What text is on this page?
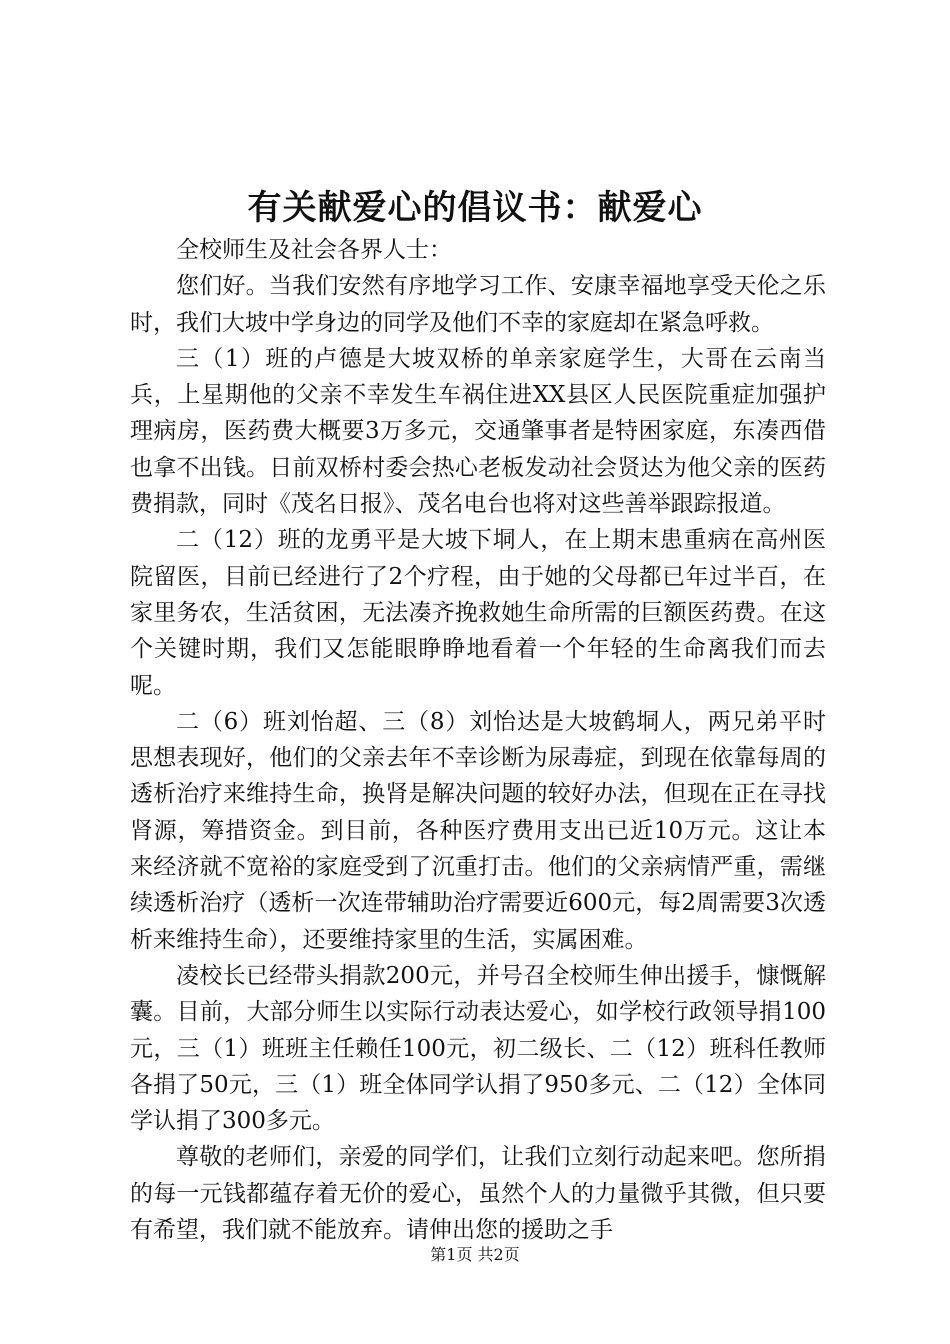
有关献爱心的倡议书：献爱心

全校师生及社会各界人士：

您们好。当我们安然有序地学习工作、安康幸福地享受天伦之乐时，我们大坡中学身边的同学及他们不幸的家庭却在紧急呼救。

三（1）班的卢德是大坡双桥的单亲家庭学生，大哥在云南当兵，上星期他的父亲不幸发生车祸住进XX县区人民医院重症加强护理病房，医药费大概要3万多元，交通肇事者是特困家庭，东凑西借也拿不出钱。日前双桥村委会热心老板发动社会贤达为他父亲的医药费捐款，同时《茂名日报》、茂名电台也将对这些善举跟踪报道。

二（12）班的龙勇平是大坡下垌人，在上期末患重病在高州医院留医，目前已经进行了2个疗程，由于她的父母都已年过半百，在家里务农，生活贫困，无法凑齐挽救她生命所需的巨额医药费。在这个关键时期，我们又怎能眼睁睁地看着一个年轻的生命离我们而去呢。

二（6）班刘怡超、三（8）刘怡达是大坡鹤垌人，两兄弟平时思想表现好，他们的父亲去年不幸诊断为尿毒症，到现在依靠每周的透析治疗来维持生命，换肾是解决问题的较好办法，但现在正在寻找肾源，筹措资金。到目前，各种医疗费用支出已近10万元。这让本来经济就不宽裕的家庭受到了沉重打击。他们的父亲病情严重，需继续透析治疗（透析一次连带辅助治疗需要近600元，每2周需要3次透析来维持生命），还要维持家里的生活，实属困难。

凌校长已经带头捐款200元，并号召全校师生伸出援手，慷慨解囊。目前，大部分师生以实际行动表达爱心，如学校行政领导捐100元，三（1）班班主任赖任100元，初二级长、二（12）班科任教师各捐了50元，三（1）班全体同学认捐了950多元、二（12）全体同学认捐了300多元。

尊敬的老师们，亲爱的同学们，让我们立刻行动起来吧。您所捐的每一元钱都蕴存着无价的爱心，虽然个人的力量微乎其微，但只要有希望，我们就不能放弃。请伸出您的援助之手

第1页 共2页
